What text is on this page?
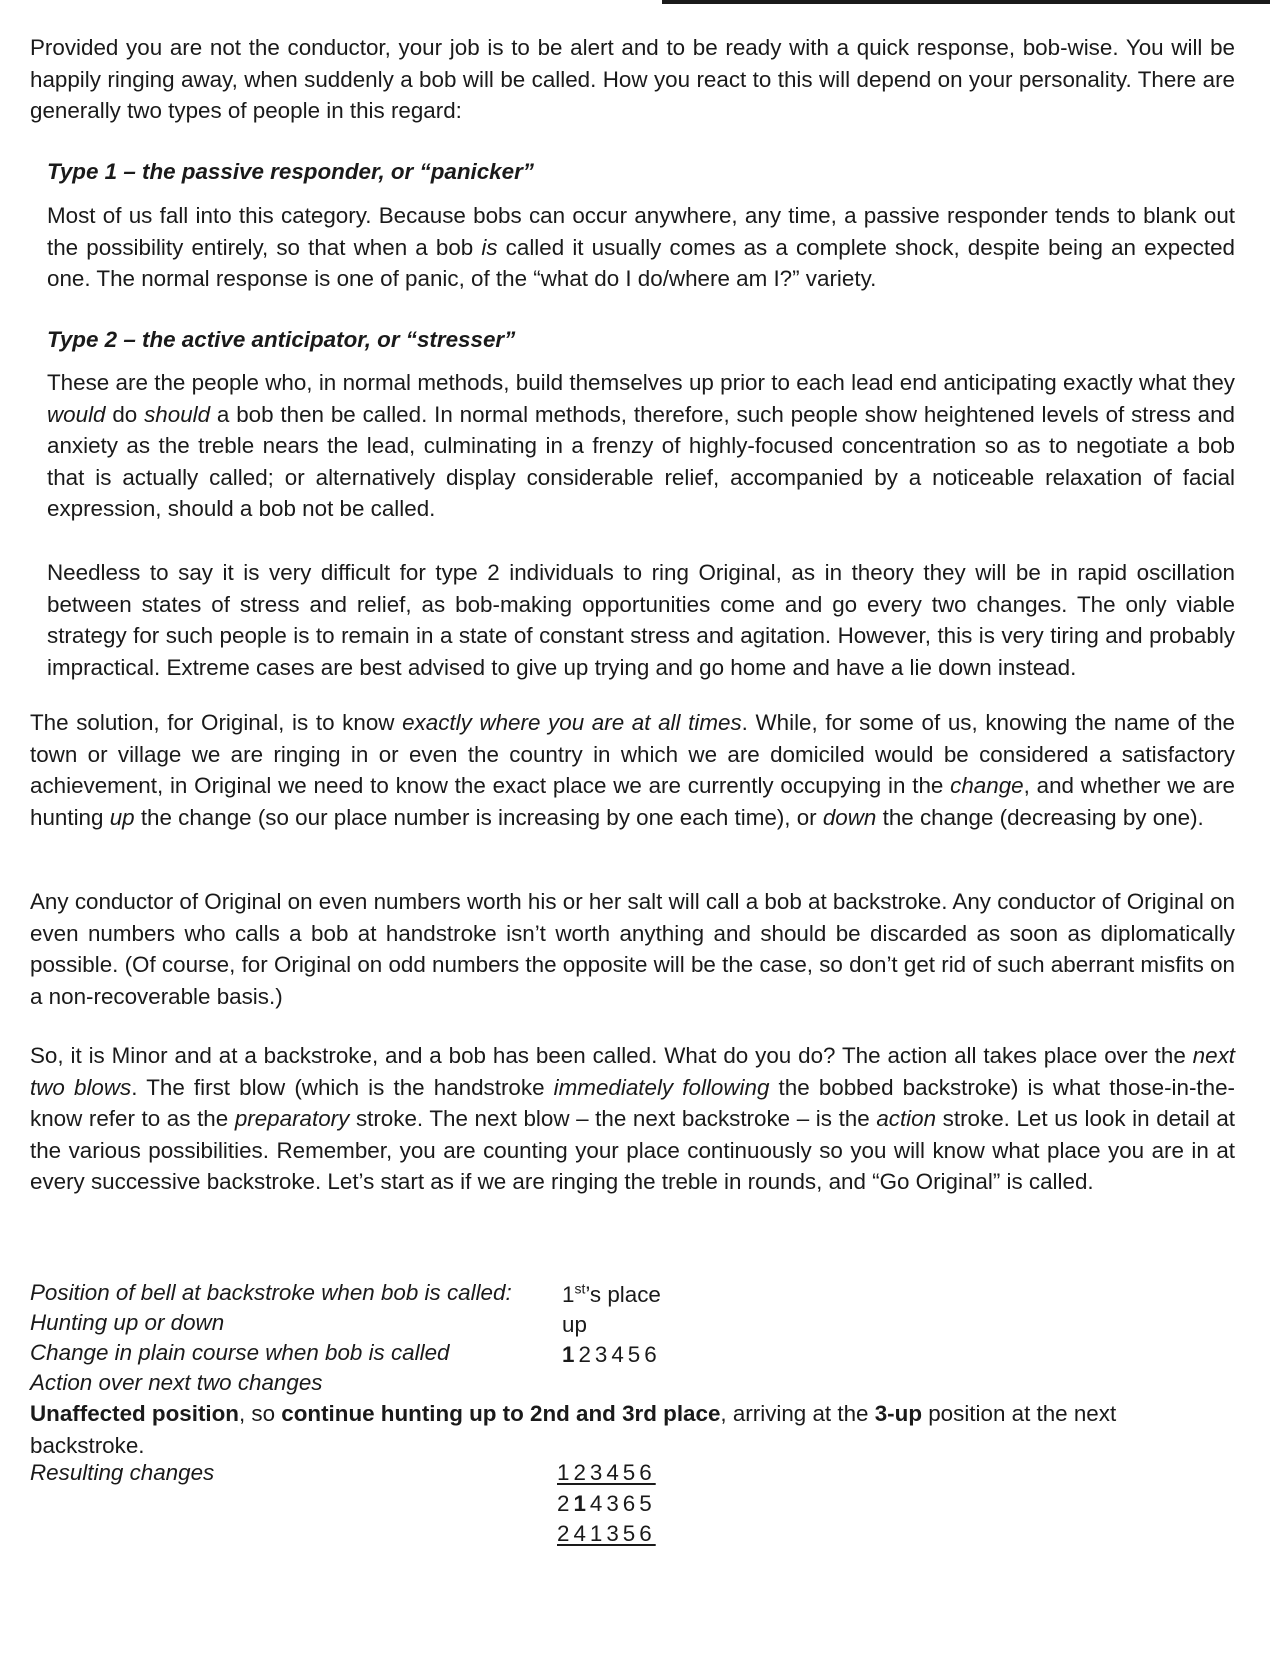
Provided you are not the conductor, your job is to be alert and to be ready with a quick response, bob-wise. You will be happily ringing away, when suddenly a bob will be called. How you react to this will depend on your personality. There are generally two types of people in this regard:

Type 1 – the passive responder, or “panicker”

Most of us fall into this category. Because bobs can occur anywhere, any time, a passive responder tends to blank out the possibility entirely, so that when a bob is called it usually comes as a complete shock, despite being an expected one. The normal response is one of panic, of the “what do I do/where am I?” variety.

Type 2 – the active anticipator, or “stresser”

These are the people who, in normal methods, build themselves up prior to each lead end anticipating exactly what they would do should a bob then be called. In normal methods, therefore, such people show heightened levels of stress and anxiety as the treble nears the lead, culminating in a frenzy of highly-focused concentration so as to negotiate a bob that is actually called; or alternatively display considerable relief, accompanied by a noticeable relaxation of facial expression, should a bob not be called.

Needless to say it is very difficult for type 2 individuals to ring Original, as in theory they will be in rapid oscillation between states of stress and relief, as bob-making opportunities come and go every two changes. The only viable strategy for such people is to remain in a state of constant stress and agitation. However, this is very tiring and probably impractical. Extreme cases are best advised to give up trying and go home and have a lie down instead.

The solution, for Original, is to know exactly where you are at all times. While, for some of us, knowing the name of the town or village we are ringing in or even the country in which we are domiciled would be considered a satisfactory achievement, in Original we need to know the exact place we are currently occupying in the change, and whether we are hunting up the change (so our place number is increasing by one each time), or down the change (decreasing by one).

Any conductor of Original on even numbers worth his or her salt will call a bob at backstroke. Any conductor of Original on even numbers who calls a bob at handstroke isn’t worth anything and should be discarded as soon as diplomatically possible. (Of course, for Original on odd numbers the opposite will be the case, so don’t get rid of such aberrant misfits on a non-recoverable basis.)

So, it is Minor and at a backstroke, and a bob has been called. What do you do? The action all takes place over the next two blows. The first blow (which is the handstroke immediately following the bobbed backstroke) is what those-in-the-know refer to as the preparatory stroke. The next blow – the next backstroke – is the action stroke. Let us look in detail at the various possibilities. Remember, you are counting your place continuously so you will know what place you are in at every successive backstroke. Let’s start as if we are ringing the treble in rounds, and “Go Original” is called.

Position of bell at backstroke when bob is called: 1st’s place
Hunting up or down	up
Change in plain course when bob is called	123456
Action over next two changes

Unaffected position, so continue hunting up to 2nd and 3rd place, arriving at the 3-up position at the next backstroke.

Resulting changes	123456
214365
241356
